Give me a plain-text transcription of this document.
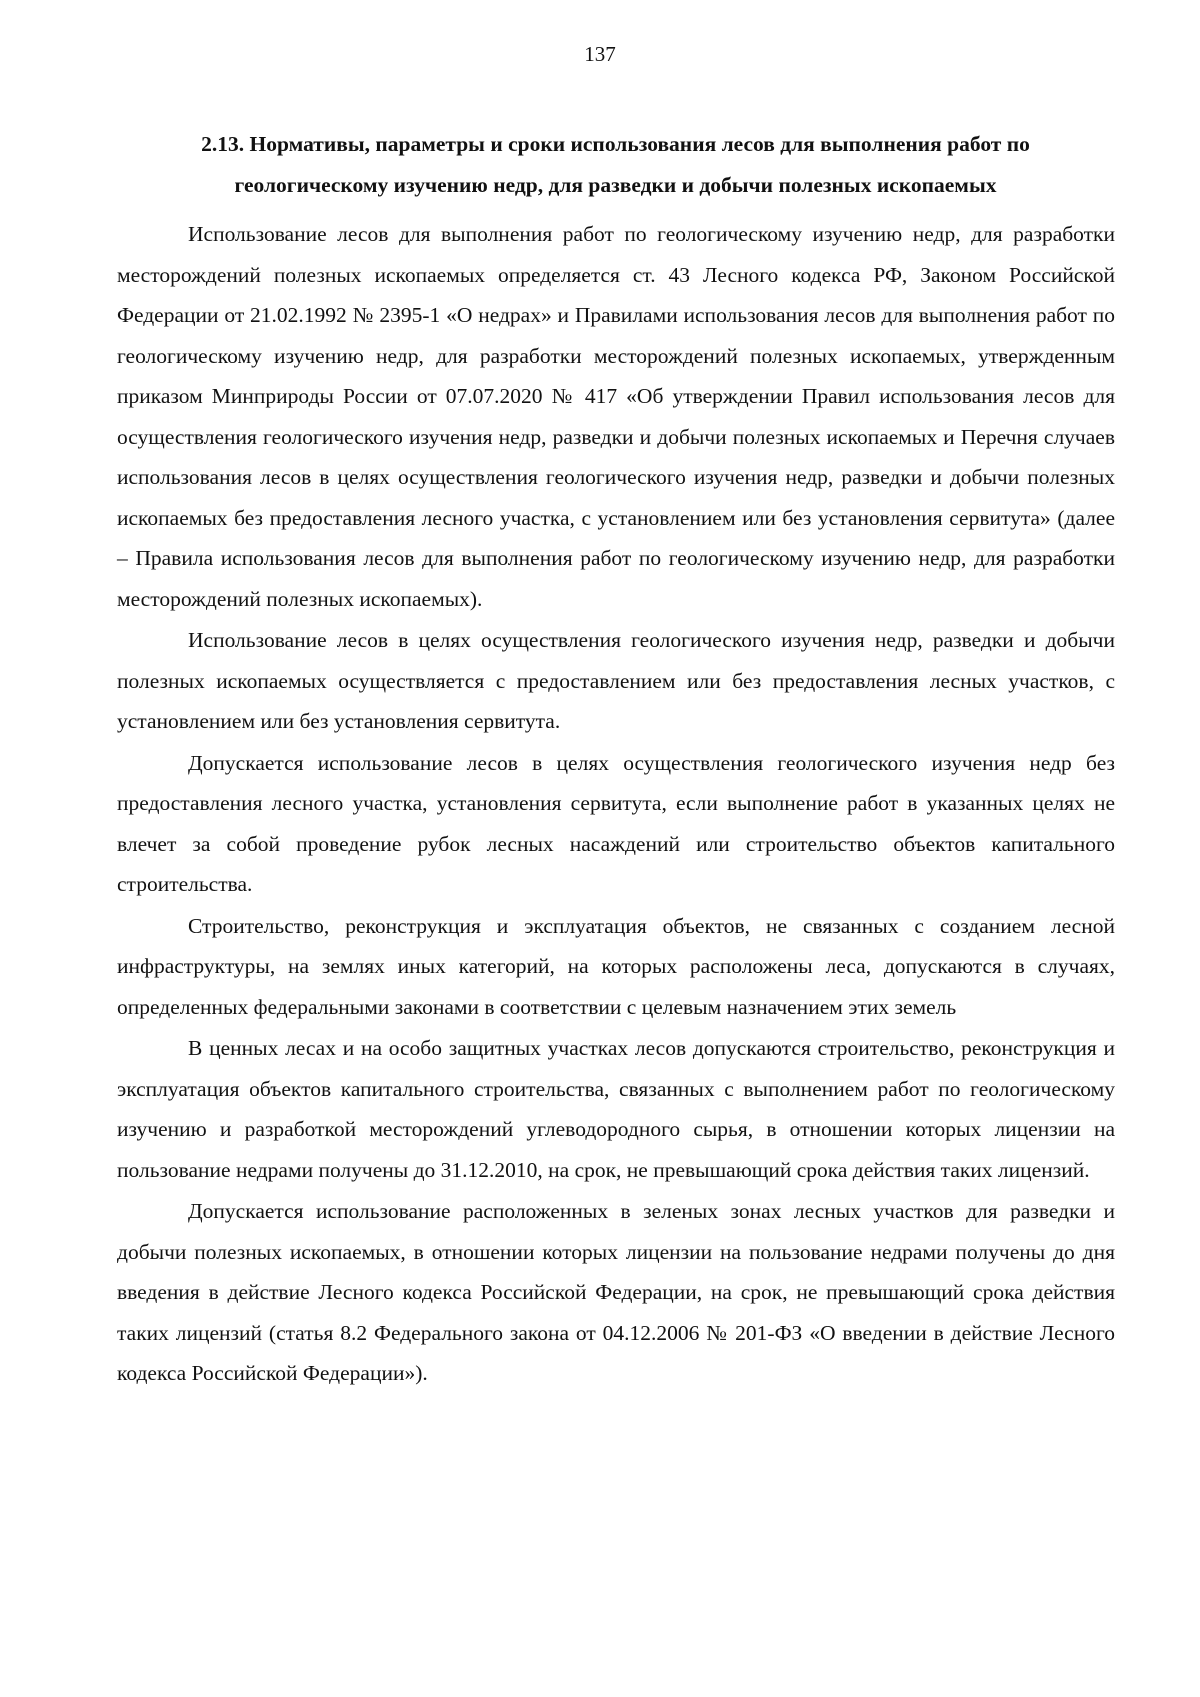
137
2.13. Нормативы, параметры и сроки использования лесов для выполнения работ по
геологическому изучению недр, для разведки и добычи полезных ископаемых

Использование лесов для выполнения работ по геологическому изучению недр, для разработки месторождений полезных ископаемых определяется ст. 43 Лесного кодекса РФ, Законом Российской Федерации от 21.02.1992 № 2395-1 «О недрах» и Правилами использования лесов для выполнения работ по геологическому изучению недр, для разработки месторождений полезных ископаемых, утвержденным приказом Минприроды России от 07.07.2020 № 417 «Об утверждении Правил использования лесов для осуществления геологического изучения недр, разведки и добычи полезных ископаемых и Перечня случаев использования лесов в целях осуществления геологического изучения недр, разведки и добычи полезных ископаемых без предоставления лесного участка, с установлением или без установления сервитута» (далее – Правила использования лесов для выполнения работ по геологическому изучению недр, для разработки месторождений полезных ископаемых).

Использование лесов в целях осуществления геологического изучения недр, разведки и добычи полезных ископаемых осуществляется с предоставлением или без предоставления лесных участков, с установлением или без установления сервитута.

Допускается использование лесов в целях осуществления геологического изучения недр без предоставления лесного участка, установления сервитута, если выполнение работ в указанных целях не влечет за собой проведение рубок лесных насаждений или строительство объектов капитального строительства.

Строительство, реконструкция и эксплуатация объектов, не связанных с созданием лесной инфраструктуры, на землях иных категорий, на которых расположены леса, допускаются в случаях, определенных федеральными законами в соответствии с целевым назначением этих земель

В ценных лесах и на особо защитных участках лесов допускаются строительство, реконструкция и эксплуатация объектов капитального строительства, связанных с выполнением работ по геологическому изучению и разработкой месторождений углеводородного сырья, в отношении которых лицензии на пользование недрами получены до 31.12.2010, на срок, не превышающий срока действия таких лицензий.

Допускается использование расположенных в зеленых зонах лесных участков для разведки и добычи полезных ископаемых, в отношении которых лицензии на пользование недрами получены до дня введения в действие Лесного кодекса Российской Федерации, на срок, не превышающий срока действия таких лицензий (статья 8.2 Федерального закона от 04.12.2006 № 201-ФЗ «О введении в действие Лесного кодекса Российской Федерации»).
